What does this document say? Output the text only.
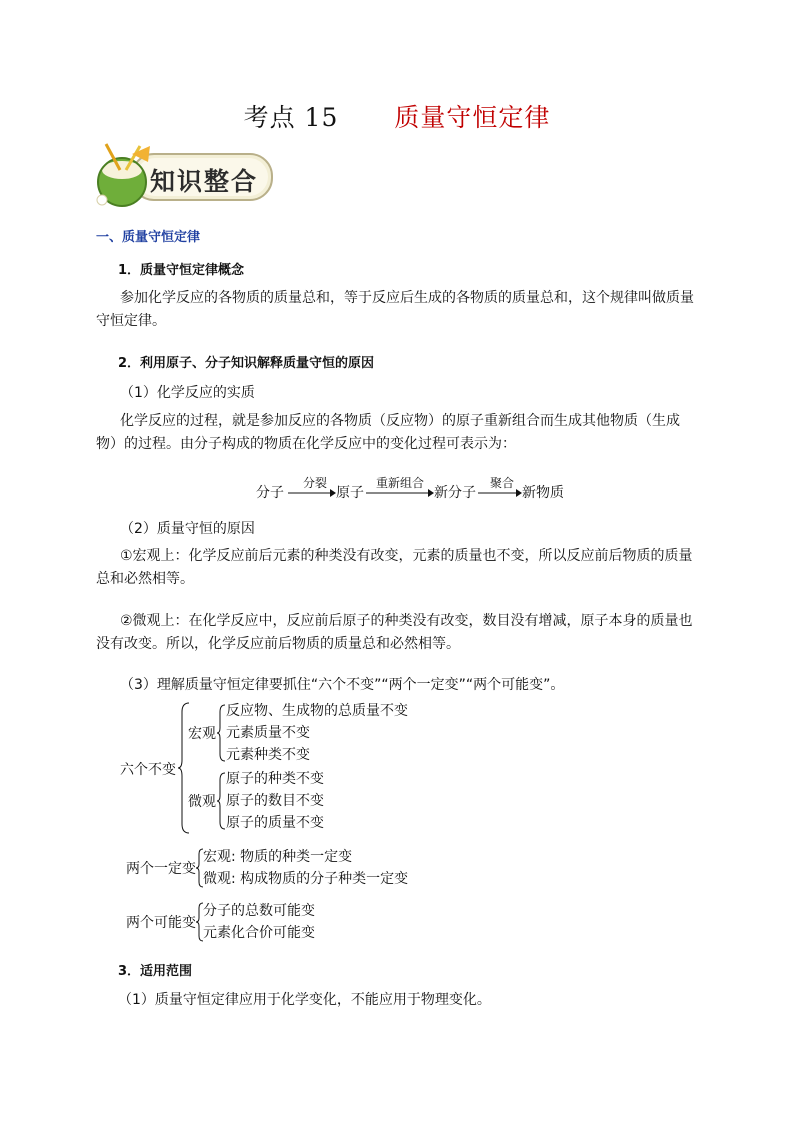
考点 15 质量守恒定律
知识整合
一、质量守恒定律
1．质量守恒定律概念
参加化学反应的各物质的质量总和，等于反应后生成的各物质的质量总和，这个规律叫做质量守恒定律。
2．利用原子、分子知识解释质量守恒的原因
（1）化学反应的实质
化学反应的过程，就是参加反应的各物质（反应物）的原子重新组合而生成其他物质（生成物）的过程。由分子构成的物质在化学反应中的变化过程可表示为：
分子
分裂
原子
重新组合
新分子
聚合
新物质
（2）质量守恒的原因
①宏观上：化学反应前后元素的种类没有改变，元素的质量也不变，所以反应前后物质的质量总和必然相等。
②微观上：在化学反应中，反应前后原子的种类没有改变，数目没有增减，原子本身的质量也没有改变。所以，化学反应前后物质的质量总和必然相等。
（3）理解质量守恒定律要抓住“六个不变”“两个一定变”“两个可能变”。
六个不变
宏观
反应物、生成物的总质量不变
元素质量不变
元素种类不变
微观
原子的种类不变
原子的数目不变
原子的质量不变
两个一定变
宏观: 物质的种类一定变
微观: 构成物质的分子种类一定变
两个可能变
分子的总数可能变
元素化合价可能变
3．适用范围
（1）质量守恒定律应用于化学变化，不能应用于物理变化。
